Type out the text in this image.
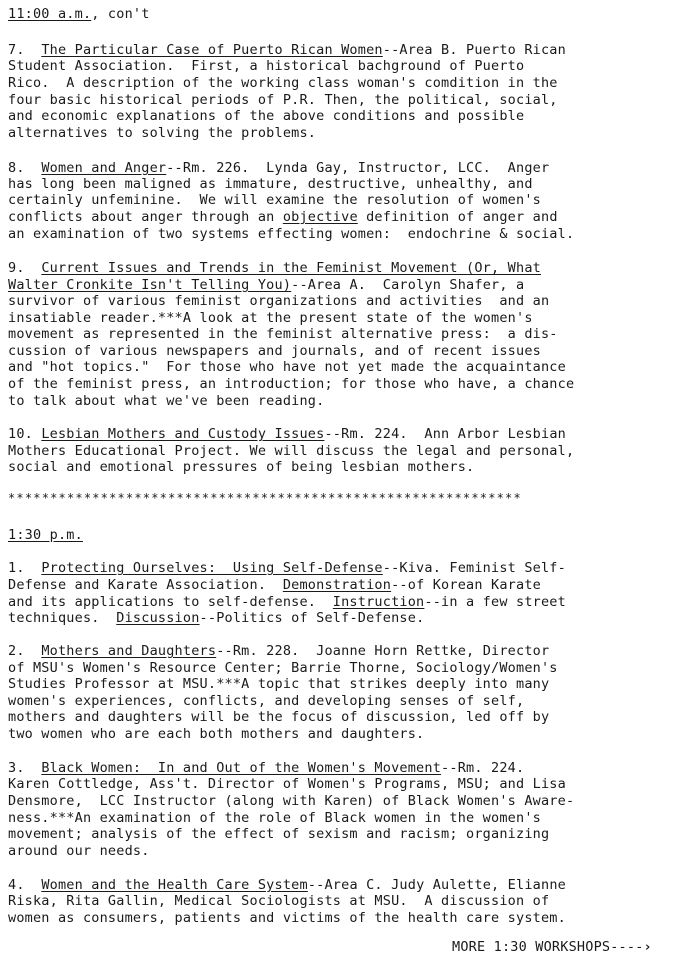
11:00 a.m., con't
7.  The Particular Case of Puerto Rican Women--Area B. Puerto Rican
Student Association.  First, a historical bachground of Puerto
Rico.  A description of the working class woman's comdition in the
four basic historical periods of P.R. Then, the political, social,
and economic explanations of the above conditions and possible
alternatives to solving the problems.
8.  Women and Anger--Rm. 226.  Lynda Gay, Instructor, LCC.  Anger
has long been maligned as immature, destructive, unhealthy, and
certainly unfeminine.  We will examine the resolution of women's
conflicts about anger through an objective definition of anger and
an examination of two systems effecting women:  endochrine & social.
9.  Current Issues and Trends in the Feminist Movement (Or, What
Walter Cronkite Isn't Telling You)--Area A.  Carolyn Shafer, a
survivor of various feminist organizations and activities  and an
insatiable reader.***A look at the present state of the women's
movement as represented in the feminist alternative press:  a dis-
cussion of various newspapers and journals, and of recent issues
and "hot topics."  For those who have not yet made the acquaintance
of the feminist press, an introduction; for those who have, a chance
to talk about what we've been reading.
10. Lesbian Mothers and Custody Issues--Rm. 224.  Ann Arbor Lesbian
Mothers Educational Project. We will discuss the legal and personal,
social and emotional pressures of being lesbian mothers.
*************************************************************
1:30 p.m.
1.  Protecting Ourselves:  Using Self-Defense--Kiva. Feminist Self-
Defense and Karate Association.  Demonstration--of Korean Karate
and its applications to self-defense.  Instruction--in a few street
techniques.  Discussion--Politics of Self-Defense.
2.  Mothers and Daughters--Rm. 228.  Joanne Horn Rettke, Director
of MSU's Women's Resource Center; Barrie Thorne, Sociology/Women's
Studies Professor at MSU.***A topic that strikes deeply into many
women's experiences, conflicts, and developing senses of self,
mothers and daughters will be the focus of discussion, led off by
two women who are each both mothers and daughters.
3.  Black Women:  In and Out of the Women's Movement--Rm. 224.
Karen Cottledge, Ass't. Director of Women's Programs, MSU; and Lisa
Densmore,  LCC Instructor (along with Karen) of Black Women's Aware-
ness.***An examination of the role of Black women in the women's
movement; analysis of the effect of sexism and racism; organizing
around our needs.
4.  Women and the Health Care System--Area C. Judy Aulette, Elianne
Riska, Rita Gallin, Medical Sociologists at MSU.  A discussion of
women as consumers, patients and victims of the health care system.
MORE 1:30 WORKSHOPS----›
